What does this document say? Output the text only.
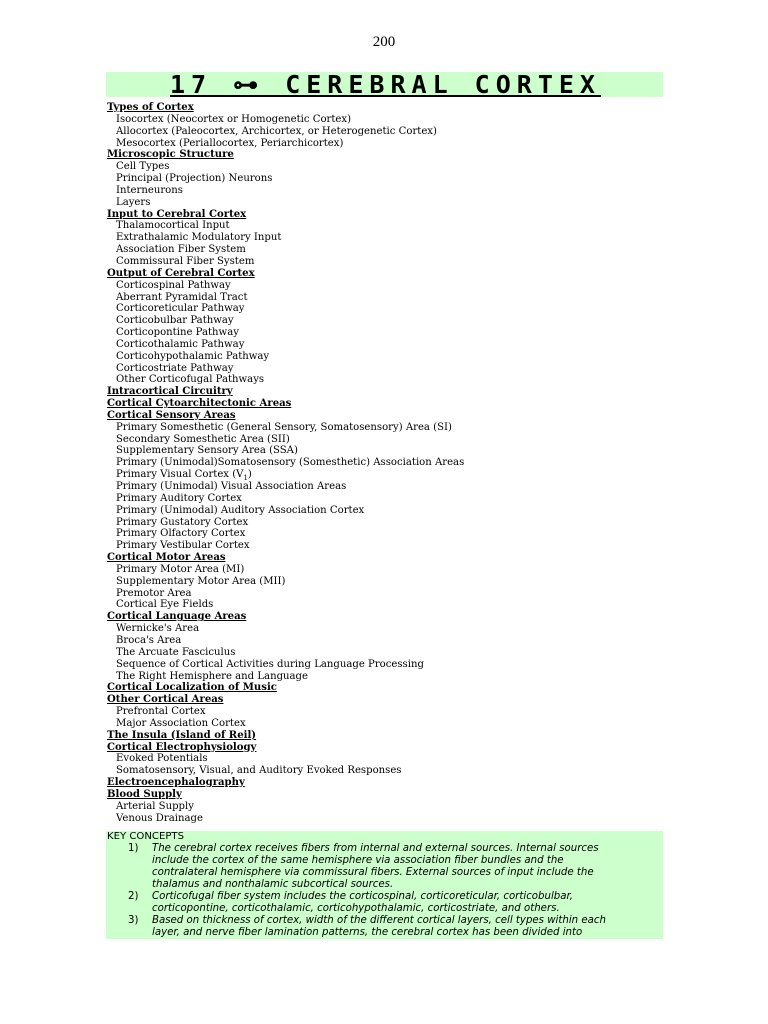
200
17 ⊶ CEREBRAL CORTEX
Types of Cortex
Isocortex (Neocortex or Homogenetic Cortex)
Allocortex (Paleocortex, Archicortex, or Heterogenetic Cortex)
Mesocortex (Periallocortex, Periarchicortex)
Microscopic Structure
Cell Types
Principal (Projection) Neurons
Interneurons
Layers
Input to Cerebral Cortex
Thalamocortical Input
Extrathalamic Modulatory Input
Association Fiber System
Commissural Fiber System
Output of Cerebral Cortex
Corticospinal Pathway
Aberrant Pyramidal Tract
Corticoreticular Pathway
Corticobulbar Pathway
Corticopontine Pathway
Corticothalamic Pathway
Corticohypothalamic Pathway
Corticostriate Pathway
Other Corticofugal Pathways
Intracortical Circuitry
Cortical Cytoarchitectonic Areas
Cortical Sensory Areas
Primary Somesthetic (General Sensory, Somatosensory) Area (SI)
Secondary Somesthetic Area (SII)
Supplementary Sensory Area (SSA)
Primary (Unimodal)Somatosensory (Somesthetic) Association Areas
Primary Visual Cortex $(V_1)$
Primary (Unimodal) Visual Association Areas
Primary Auditory Cortex
Primary (Unimodal) Auditory Association Cortex
Primary Gustatory Cortex
Primary Olfactory Cortex
Primary Vestibular Cortex
Cortical Motor Areas
Primary Motor Area (MI)
Supplementary Motor Area (MII)
Premotor Area
Cortical Eye Fields
Cortical Language Areas
Wernicke's Area
Broca's Area
The Arcuate Fasciculus
Sequence of Cortical Activities during Language Processing
The Right Hemisphere and Language
Cortical Localization of Music
Other Cortical Areas
Prefrontal Cortex
Major Association Cortex
The Insula (Island of Reil)
Cortical Electrophysiology
Evoked Potentials
Somatosensory, Visual, and Auditory Evoked Responses
Electroencephalography
Blood Supply
Arterial Supply
Venous Drainage
KEY CONCEPTS
1) The cerebral cortex receives fibers from internal and external sources. Internal sources
include the cortex of the same hemisphere via association fiber bundles and the
contralateral hemisphere via commissural fibers. External sources of input include the
thalamus and nonthalamic subcortical sources.
2) Corticofugal fiber system includes the corticospinal, corticoreticular, corticobulbar,
corticopontine, corticothalamic, corticohypothalamic, corticostriate, and others.
3) Based on thickness of cortex, width of the different cortical layers, cell types within each
layer, and nerve fiber lamination patterns, the cerebral cortex has been divided into
